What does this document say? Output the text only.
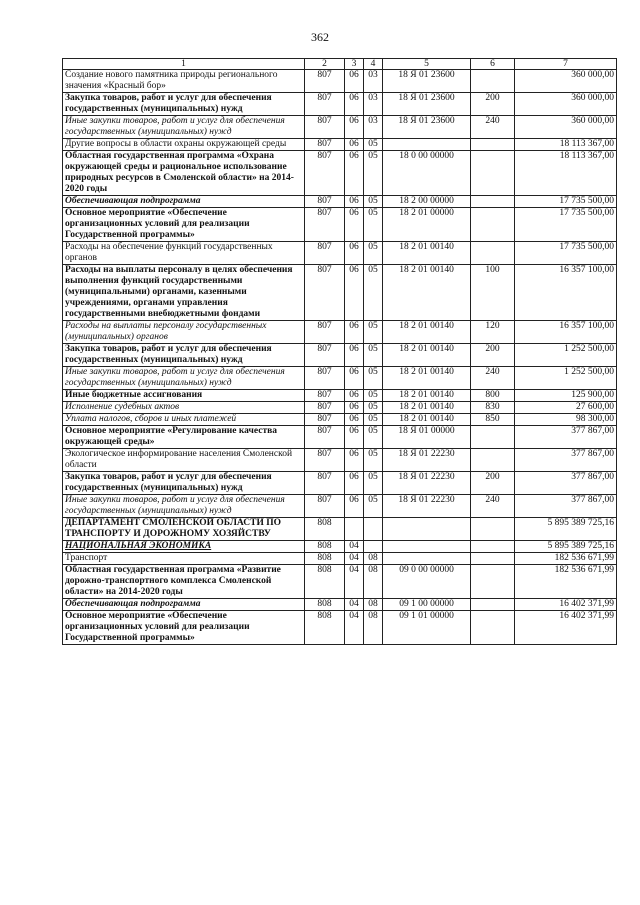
362
1	2	3	4	5	6	7
Создание нового памятника природы регионального значения «Красный бор»	807	06	03	18 Я 01 23600		360 000,00
Закупка товаров, работ и услуг для обеспечения государственных (муниципальных) нужд	807	06	03	18 Я 01 23600	200	360 000,00
Иные закупки товаров, работ и услуг для обеспечения государственных (муниципальных) нужд	807	06	03	18 Я 01 23600	240	360 000,00
Другие вопросы в области охраны окружающей среды	807	06	05			18 113 367,00
Областная государственная программа «Охрана окружающей среды и рациональное использование природных ресурсов в Смоленской области» на 2014-2020 годы	807	06	05	18 0 00 00000		18 113 367,00
Обеспечивающая подпрограмма	807	06	05	18 2 00 00000		17 735 500,00
Основное мероприятие «Обеспечение организационных условий для реализации Государственной программы»	807	06	05	18 2 01 00000		17 735 500,00
Расходы на обеспечение функций государственных органов	807	06	05	18 2 01 00140		17 735 500,00
Расходы на выплаты персоналу в целях обеспечения выполнения функций государственными (муниципальными) органами, казенными учреждениями, органами управления государственными внебюджетными фондами	807	06	05	18 2 01 00140	100	16 357 100,00
Расходы на выплаты персоналу государственных (муниципальных) органов	807	06	05	18 2 01 00140	120	16 357 100,00
Закупка товаров, работ и услуг для обеспечения государственных (муниципальных) нужд	807	06	05	18 2 01 00140	200	1 252 500,00
Иные закупки товаров, работ и услуг для обеспечения государственных (муниципальных) нужд	807	06	05	18 2 01 00140	240	1 252 500,00
Иные бюджетные ассигнования	807	06	05	18 2 01 00140	800	125 900,00
Исполнение судебных актов	807	06	05	18 2 01 00140	830	27 600,00
Уплата налогов, сборов и иных платежей	807	06	05	18 2 01 00140	850	98 300,00
Основное мероприятие «Регулирование качества окружающей среды»	807	06	05	18 Я 01 00000		377 867,00
Экологическое информирование населения Смоленской области	807	06	05	18 Я 01 22230		377 867,00
Закупка товаров, работ и услуг для обеспечения государственных (муниципальных) нужд	807	06	05	18 Я 01 22230	200	377 867,00
Иные закупки товаров, работ и услуг для обеспечения государственных (муниципальных) нужд	807	06	05	18 Я 01 22230	240	377 867,00
ДЕПАРТАМЕНТ СМОЛЕНСКОЙ ОБЛАСТИ ПО ТРАНСПОРТУ И ДОРОЖНОМУ ХОЗЯЙСТВУ	808					5 895 389 725,16
НАЦИОНАЛЬНАЯ ЭКОНОМИКА	808	04				5 895 389 725,16
Транспорт	808	04	08			182 536 671,99
Областная государственная программа «Развитие дорожно-транспортного комплекса Смоленской области» на 2014-2020 годы	808	04	08	09 0 00 00000		182 536 671,99
Обеспечивающая подпрограмма	808	04	08	09 1 00 00000		16 402 371,99
Основное мероприятие «Обеспечение организационных условий для реализации Государственной программы»	808	04	08	09 1 01 00000		16 402 371,99
